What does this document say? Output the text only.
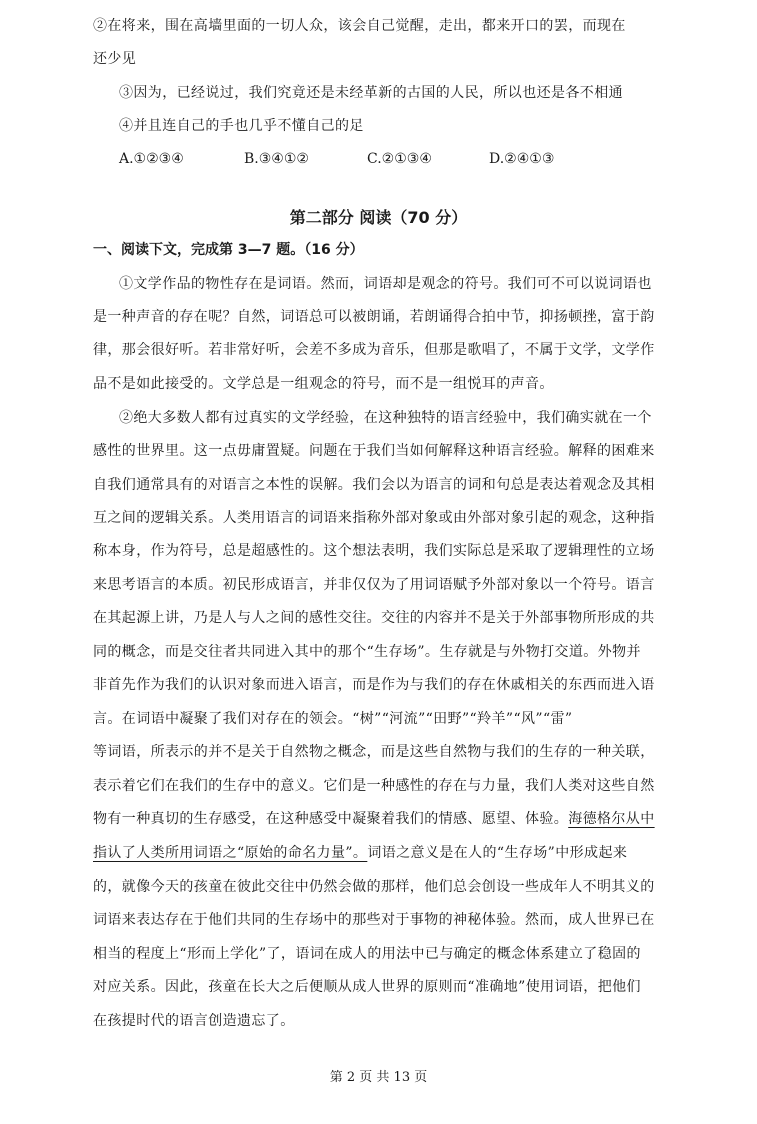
②在将来，围在高墙里面的一切人众，该会自己觉醒，走出，都来开口的罢，而现在
还少见
③因为，已经说过，我们究竟还是未经革新的古国的人民，所以也还是各不相通
④并且连自己的手也几乎不懂自己的足
A.①②③④	B.③④①②	C.②①③④	D.②④①③
第二部分 阅读（70 分）
一、阅读下文，完成第 3—7 题。（16 分）
①文学作品的物性存在是词语。然而，词语却是观念的符号。我们可不可以说词语也
是一种声音的存在呢？自然，词语总可以被朗诵，若朗诵得合拍中节，抑扬顿挫，富于韵
律，那会很好听。若非常好听，会差不多成为音乐，但那是歌唱了，不属于文学，文学作
品不是如此接受的。文学总是一组观念的符号，而不是一组悦耳的声音。
②绝大多数人都有过真实的文学经验，在这种独特的语言经验中，我们确实就在一个
感性的世界里。这一点毋庸置疑。问题在于我们当如何解释这种语言经验。解释的困难来
自我们通常具有的对语言之本性的误解。我们会以为语言的词和句总是表达着观念及其相
互之间的逻辑关系。人类用语言的词语来指称外部对象或由外部对象引起的观念，这种指
称本身，作为符号，总是超感性的。这个想法表明，我们实际总是采取了逻辑理性的立场
来思考语言的本质。初民形成语言，并非仅仅为了用词语赋予外部对象以一个符号。语言
在其起源上讲，乃是人与人之间的感性交往。交往的内容并不是关于外部事物所形成的共
同的概念，而是交往者共同进入其中的那个“生存场”。生存就是与外物打交道。外物并
非首先作为我们的认识对象而进入语言，而是作为与我们的存在休戚相关的东西而进入语
言。在词语中凝聚了我们对存在的领会。“树”“河流”“田野”“羚羊”“风”“雷”
等词语，所表示的并不是关于自然物之概念，而是这些自然物与我们的生存的一种关联，
表示着它们在我们的生存中的意义。它们是一种感性的存在与力量，我们人类对这些自然
物有一种真切的生存感受，在这种感受中凝聚着我们的情感、愿望、体验。海德格尔从中
指认了人类所用词语之“原始的命名力量”。词语之意义是在人的“生存场”中形成起来
的，就像今天的孩童在彼此交往中仍然会做的那样，他们总会创设一些成年人不明其义的
词语来表达存在于他们共同的生存场中的那些对于事物的神秘体验。然而，成人世界已在
相当的程度上“形而上学化”了，语词在成人的用法中已与确定的概念体系建立了稳固的
对应关系。因此，孩童在长大之后便顺从成人世界的原则而“准确地”使用词语，把他们
在孩提时代的语言创造遗忘了。
第 2 页 共 13 页
